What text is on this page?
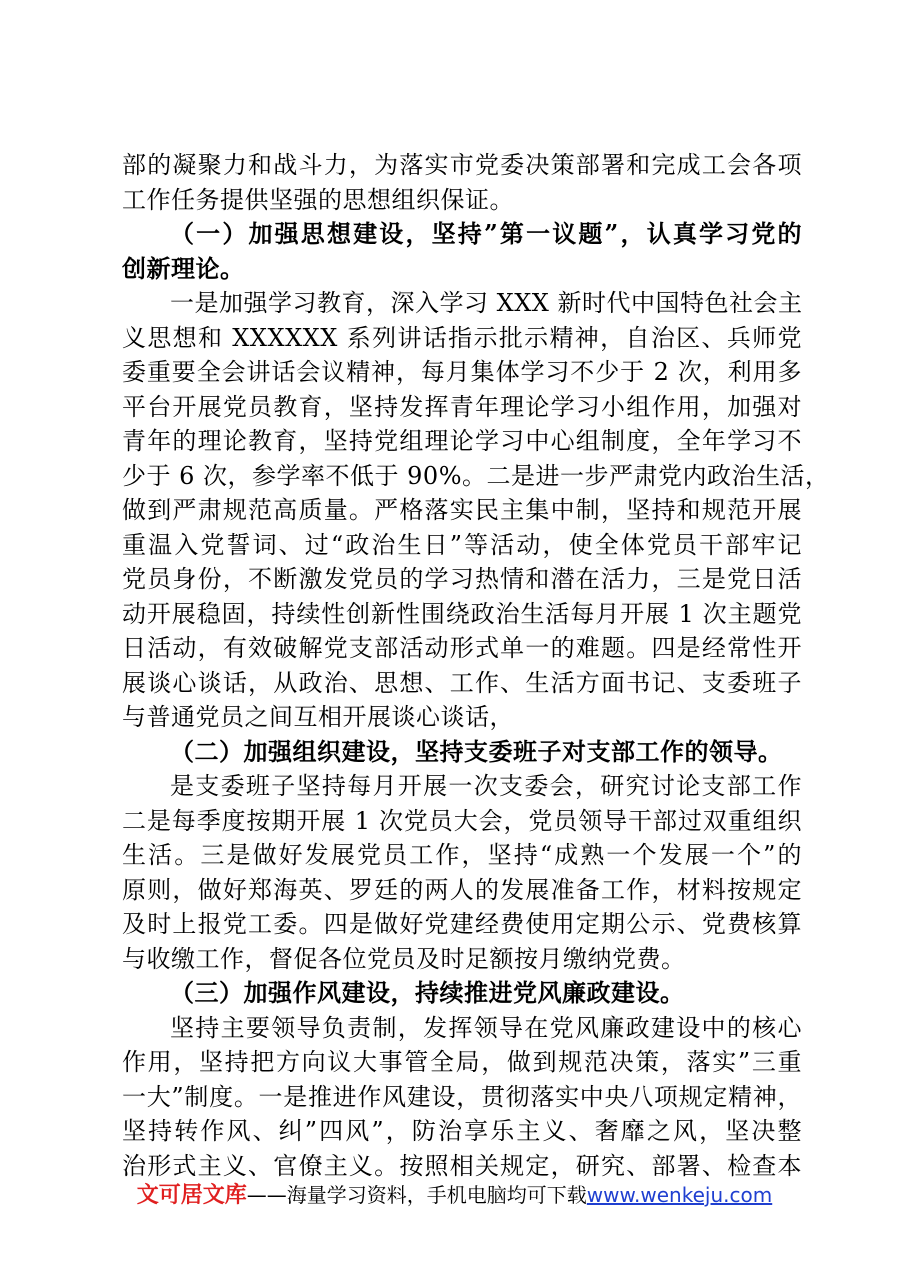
部的凝聚力和战斗力，为落实市党委决策部署和完成工会各项
工作任务提供坚强的思想组织保证。
（一）加强思想建设，坚持”第一议题”，认真学习党的
创新理论。
一是加强学习教育，深入学习 XXX 新时代中国特色社会主
义思想和 XXXXXX 系列讲话指示批示精神，自治区、兵师党
委重要全会讲话会议精神，每月集体学习不少于 2 次，利用多
平台开展党员教育，坚持发挥青年理论学习小组作用，加强对
青年的理论教育，坚持党组理论学习中心组制度，全年学习不
少于 6 次，参学率不低于 90%。二是进一步严肃党内政治生活，
做到严肃规范高质量。严格落实民主集中制，坚持和规范开展
重温入党誓词、过“政治生日”等活动，使全体党员干部牢记
党员身份，不断激发党员的学习热情和潜在活力，三是党日活
动开展稳固，持续性创新性围绕政治生活每月开展 1 次主题党
日活动，有效破解党支部活动形式单一的难题。四是经常性开
展谈心谈话，从政治、思想、工作、生活方面书记、支委班子
与普通党员之间互相开展谈心谈话，
（二）加强组织建设，坚持支委班子对支部工作的领导。
是支委班子坚持每月开展一次支委会，研究讨论支部工作
二是每季度按期开展 1 次党员大会，党员领导干部过双重组织
生活。三是做好发展党员工作，坚持“成熟一个发展一个”的
原则，做好郑海英、罗廷的两人的发展准备工作，材料按规定
及时上报党工委。四是做好党建经费使用定期公示、党费核算
与收缴工作，督促各位党员及时足额按月缴纳党费。
（三）加强作风建设，持续推进党风廉政建设。
坚持主要领导负责制，发挥领导在党风廉政建设中的核心
作用，坚持把方向议大事管全局，做到规范决策，落实”三重
一大”制度。一是推进作风建设，贯彻落实中央八项规定精神，
坚持转作风、纠”四风”，防治享乐主义、奢靡之风，坚决整
治形式主义、官僚主义。按照相关规定，研究、部署、检查本
文可居文库——海量学习资料，手机电脑均可下载www.wenkeju.com
